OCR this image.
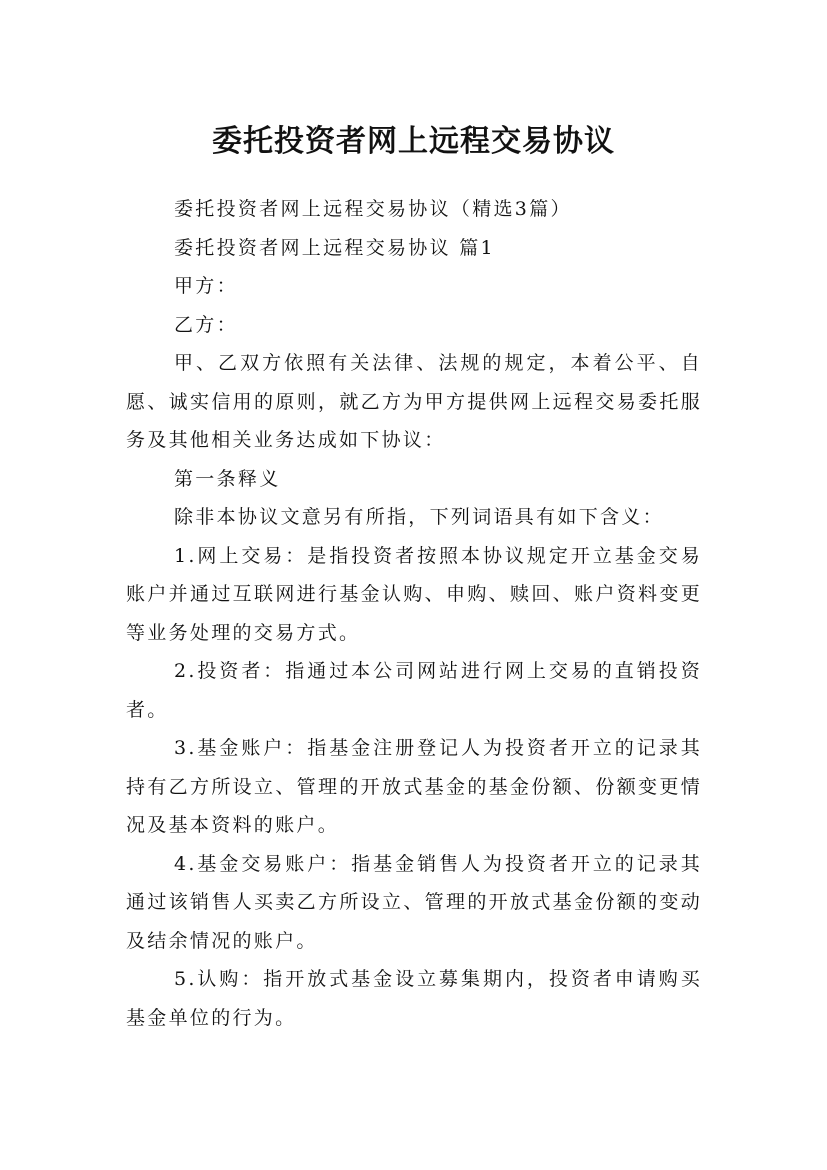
委托投资者网上远程交易协议

委托投资者网上远程交易协议（精选3篇）

委托投资者网上远程交易协议 篇1

甲方：

乙方：

甲、乙双方依照有关法律、法规的规定，本着公平、自愿、诚实信用的原则，就乙方为甲方提供网上远程交易委托服务及其他相关业务达成如下协议：

第一条释义

除非本协议文意另有所指，下列词语具有如下含义：

1.网上交易：是指投资者按照本协议规定开立基金交易账户并通过互联网进行基金认购、申购、赎回、账户资料变更等业务处理的交易方式。

2.投资者：指通过本公司网站进行网上交易的直销投资者。

3.基金账户：指基金注册登记人为投资者开立的记录其持有乙方所设立、管理的开放式基金的基金份额、份额变更情况及基本资料的账户。

4.基金交易账户：指基金销售人为投资者开立的记录其通过该销售人买卖乙方所设立、管理的开放式基金份额的变动及结余情况的账户。

5.认购：指开放式基金设立募集期内，投资者申请购买基金单位的行为。
